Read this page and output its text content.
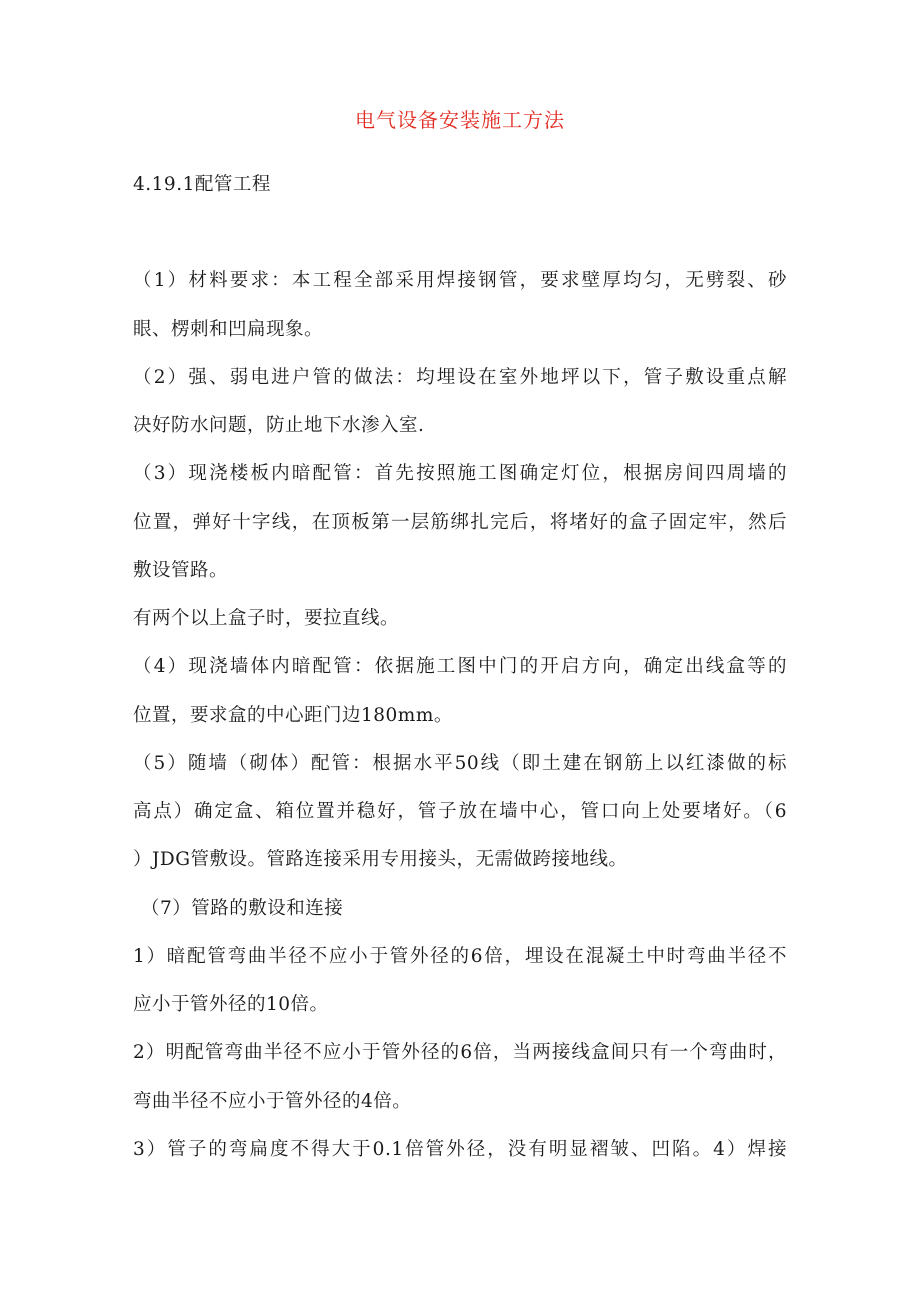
电气设备安装施工方法
4.19.1配管工程
（1）材料要求：本工程全部采用焊接钢管，要求壁厚均匀，无劈裂、砂
眼、楞刺和凹扁现象。
（2）强、弱电进户管的做法：均埋设在室外地坪以下，管子敷设重点解
决好防水问题，防止地下水渗入室.
（3）现浇楼板内暗配管：首先按照施工图确定灯位，根据房间四周墙的
位置，弹好十字线，在顶板第一层筋绑扎完后，将堵好的盒子固定牢，然后
敷设管路。
有两个以上盒子时，要拉直线。
（4）现浇墙体内暗配管：依据施工图中门的开启方向，确定出线盒等的
位置，要求盒的中心距门边180mm。
（5）随墙（砌体）配管：根据水平50线（即土建在钢筋上以红漆做的标
高点）确定盒、箱位置并稳好，管子放在墙中心，管口向上处要堵好。（6
）JDG管敷设。管路连接采用专用接头，无需做跨接地线。
（7）管路的敷设和连接
1）暗配管弯曲半径不应小于管外径的6倍，埋设在混凝土中时弯曲半径不
应小于管外径的10倍。
2）明配管弯曲半径不应小于管外径的6倍，当两接线盒间只有一个弯曲时，
弯曲半径不应小于管外径的4倍。
3）管子的弯扁度不得大于0.1倍管外径，没有明显褶皱、凹陷。4）焊接
